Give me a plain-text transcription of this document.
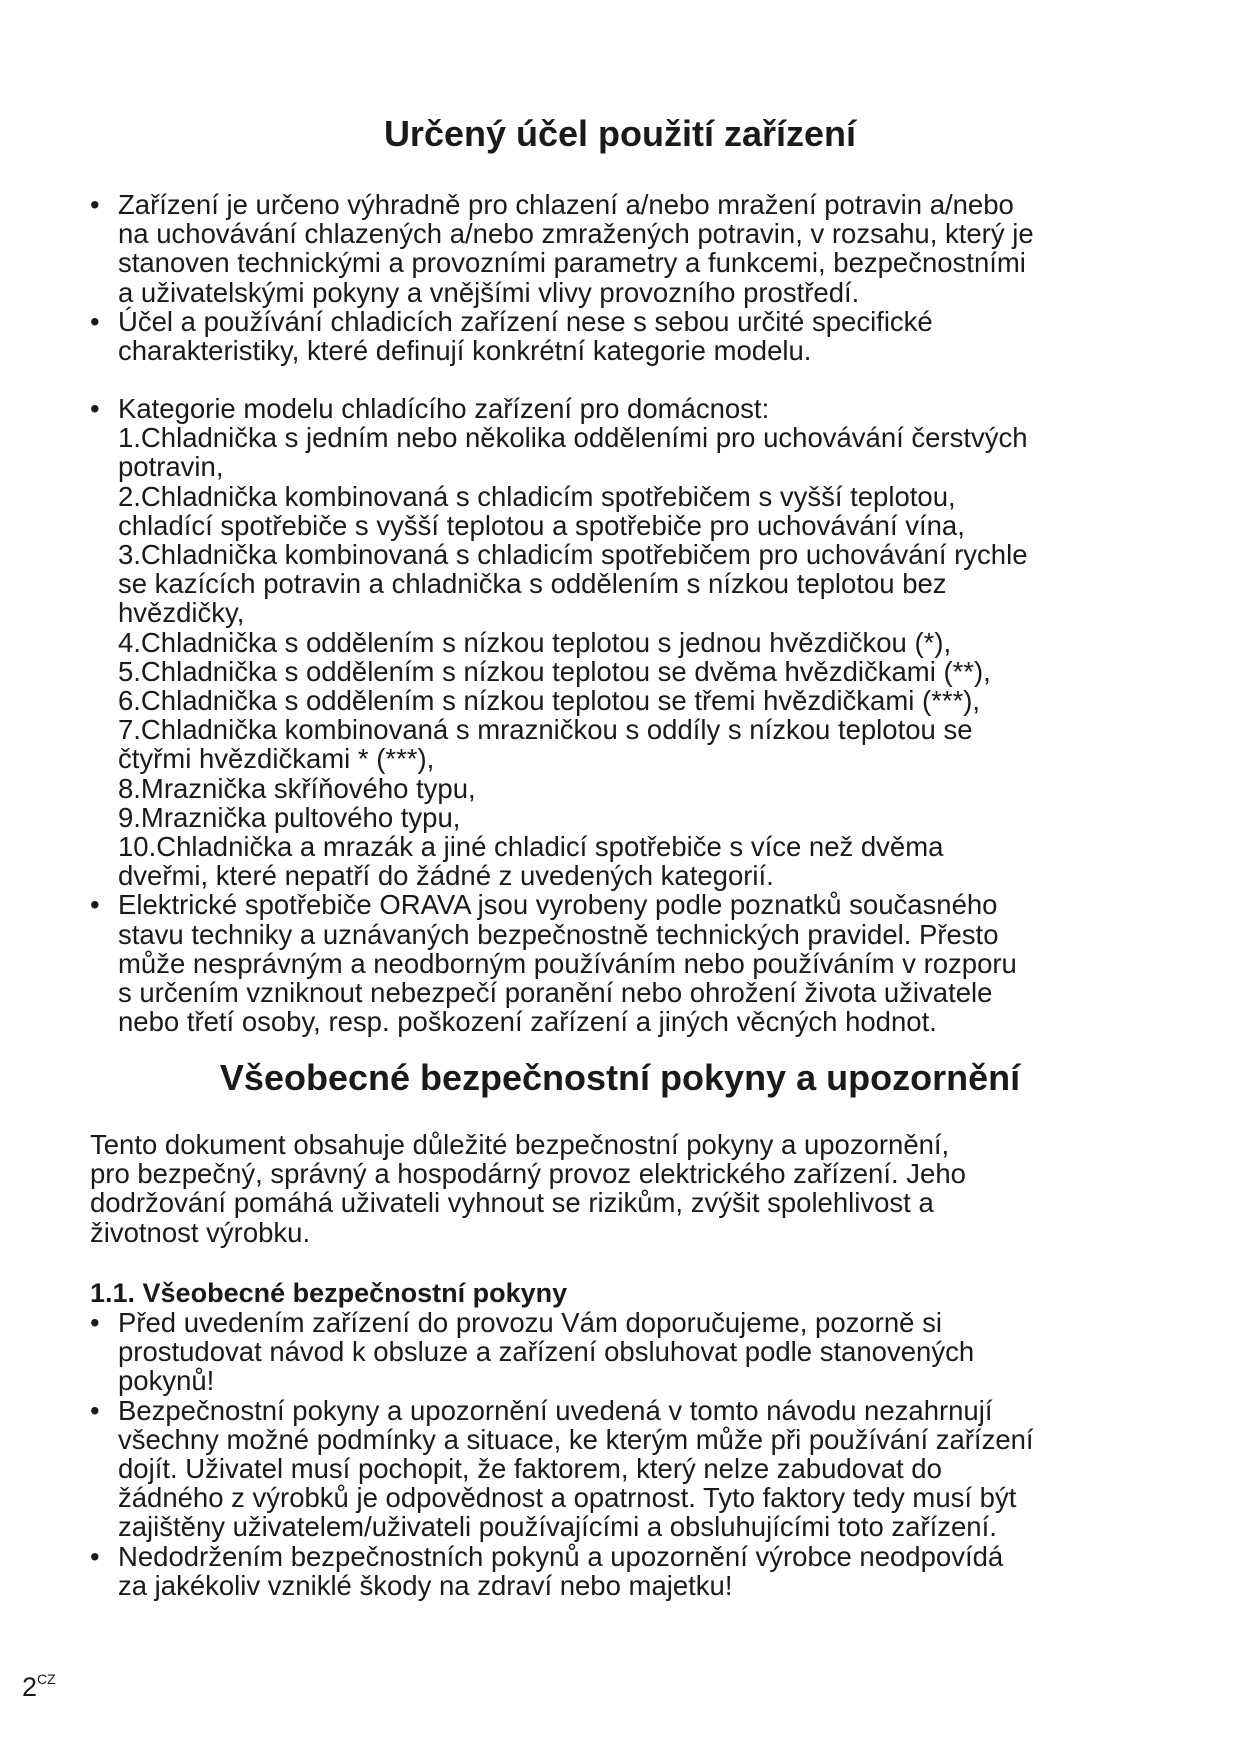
Určený účel použití zařízení
• Zařízení je určeno výhradně pro chlazení a/nebo mražení potravin a/nebo
na uchovávání chlazených a/nebo zmražených potravin, v rozsahu, který je
stanoven technickými a provozními parametry a funkcemi, bezpečnostními
a uživatelskými pokyny a vnějšími vlivy provozního prostředí.
• Účel a používání chladicích zařízení nese s sebou určité specifické
charakteristiky, které definují konkrétní kategorie modelu.
• Kategorie modelu chladícího zařízení pro domácnost:
1.Chladnička s jedním nebo několika odděleními pro uchovávání čerstvých
potravin,
2.Chladnička kombinovaná s chladicím spotřebičem s vyšší teplotou,
chladící spotřebiče s vyšší teplotou a spotřebiče pro uchovávání vína,
3.Chladnička kombinovaná s chladicím spotřebičem pro uchovávání rychle
se kazících potravin a chladnička s oddělením s nízkou teplotou bez
hvězdičky,
4.Chladnička s oddělením s nízkou teplotou s jednou hvězdičkou (*),
5.Chladnička s oddělením s nízkou teplotou se dvěma hvězdičkami (**),
6.Chladnička s oddělením s nízkou teplotou se třemi hvězdičkami (***),
7.Chladnička kombinovaná s mrazničkou s oddíly s nízkou teplotou se
čtyřmi hvězdičkami * (***),
8.Mraznička skříňového typu,
9.Mraznička pultového typu,
10.Chladnička a mrazák a jiné chladicí spotřebiče s více než dvěma
dveřmi, které nepatří do žádné z uvedených kategorií.
• Elektrické spotřebiče ORAVA jsou vyrobeny podle poznatků současného
stavu techniky a uznávaných bezpečnostně technických pravidel. Přesto
může nesprávným a neodborným používáním nebo používáním v rozporu
s určením vzniknout nebezpečí poranění nebo ohrožení života uživatele
nebo třetí osoby, resp. poškození zařízení a jiných věcných hodnot.
Všeobecné bezpečnostní pokyny a upozornění
Tento dokument obsahuje důležité bezpečnostní pokyny a upozornění,
pro bezpečný, správný a hospodárný provoz elektrického zařízení. Jeho
dodržování pomáhá uživateli vyhnout se rizikům, zvýšit spolehlivost a
životnost výrobku.
1.1. Všeobecné bezpečnostní pokyny
• Před uvedením zařízení do provozu Vám doporučujeme, pozorně si
prostudovat návod k obsluze a zařízení obsluhovat podle stanovených
pokynů!
• Bezpečnostní pokyny a upozornění uvedená v tomto návodu nezahrnují
všechny možné podmínky a situace, ke kterým může při používání zařízení
dojít. Uživatel musí pochopit, že faktorem, který nelze zabudovat do
žádného z výrobků je odpovědnost a opatrnost. Tyto faktory tedy musí být
zajištěny uživatelem/uživateli používajícími a obsluhujícími toto zařízení.
• Nedodržením bezpečnostních pokynů a upozornění výrobce neodpovídá
za jakékoliv vzniklé škody na zdraví nebo majetku!
$2^{CZ}$
